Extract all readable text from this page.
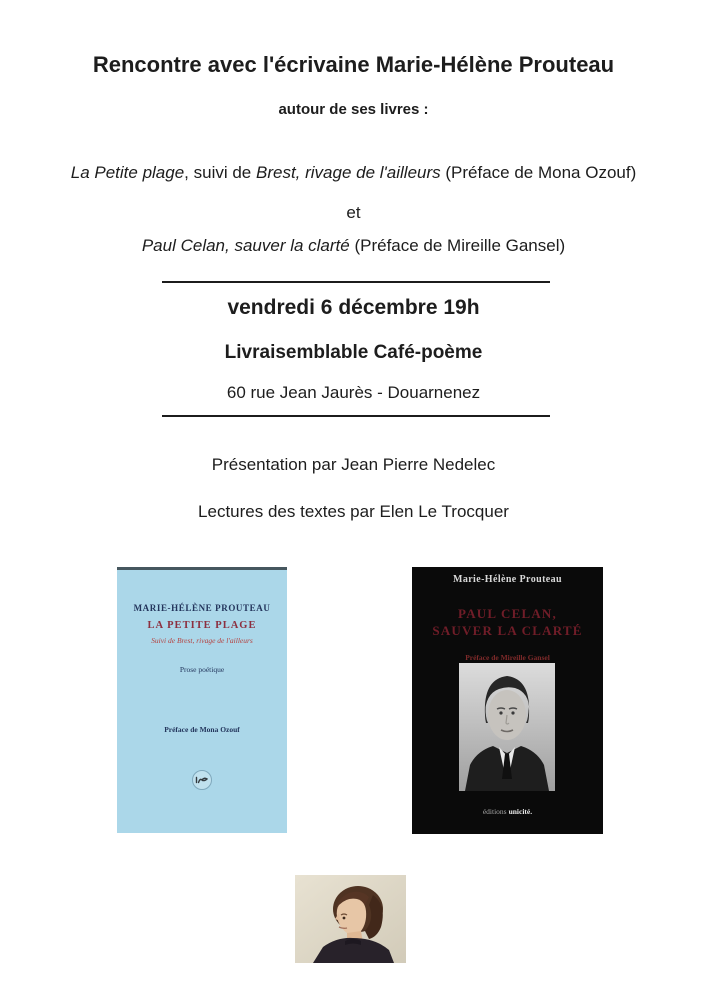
Rencontre avec l'écrivaine Marie-Hélène Prouteau
autour de ses livres :
La Petite plage, suivi de Brest, rivage de l'ailleurs (Préface de Mona Ozouf)
et
Paul Celan, sauver la clarté (Préface de Mireille Gansel)
vendredi 6 décembre 19h
Livraisemblable Café-poème
60 rue Jean Jaurès - Douarnenez
Présentation par Jean Pierre Nedelec
Lectures des textes par Elen Le Trocquer
MARIE-HÉLÈNE PROUTEAU
LA PETITE PLAGE
Suivi de Brest, rivage de l'ailleurs
Prose poétique
Préface de Mona Ozouf
Marie-Hélène Prouteau
PAUL CELAN,
SAUVER LA CLARTÉ
Préface de Mireille Gansel
éditions unicité.
